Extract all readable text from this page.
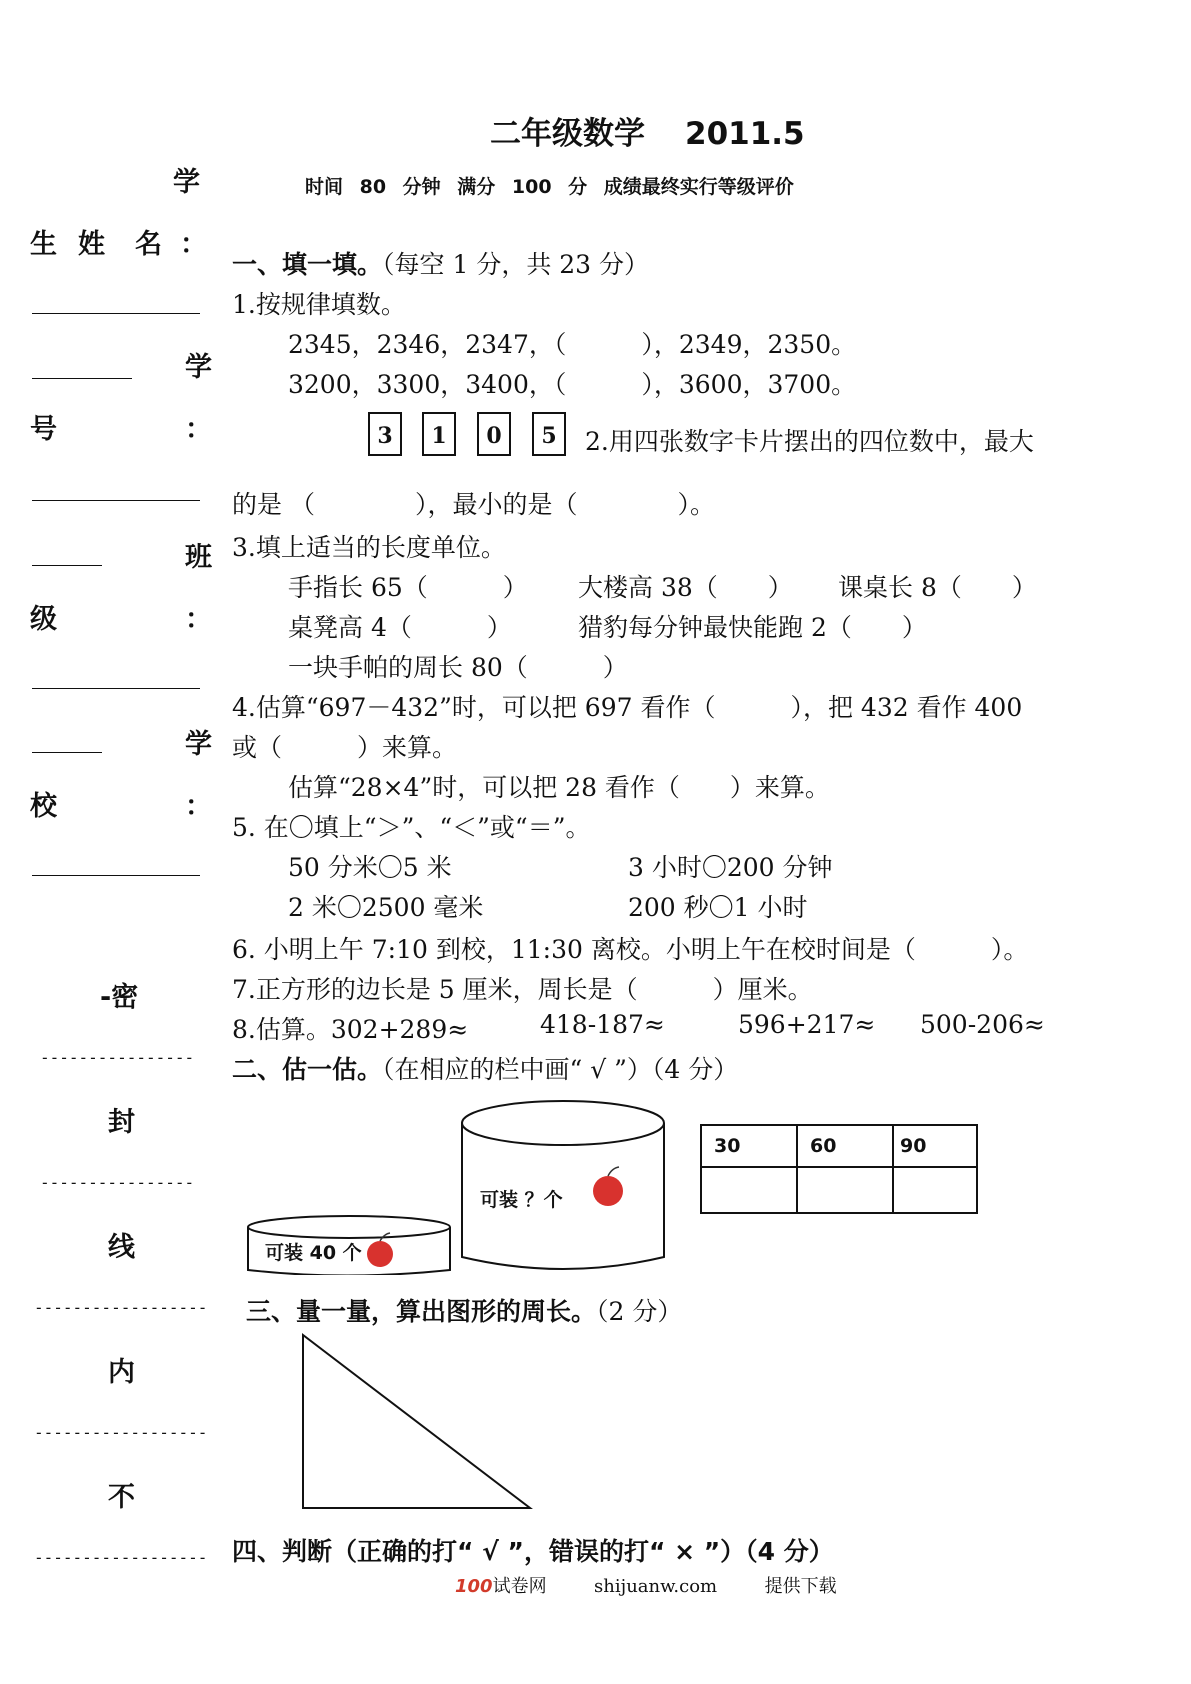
二年级数学 2011.5
时间 80 分钟 满分 100 分 成绩最终实行等级评价
学
生 姓 名 ：
学
号	：
班
级	：
学
校	：
-密
----------------
封
----------------
线
------------------
内
------------------
不
------------------
一、填一填。（每空 1 分，共 23 分）
1.按规律填数。
2345，2346，2347，（　　　），2349，2350。
3200，3300，3400，（　　　），3600，3700。
3	1	0	5	2.用四张数字卡片摆出的四位数中，最大
的是 （　　　　），最小的是（　　　　）。
3.填上适当的长度单位。
手指长 65（　　　） 大楼高 38（　　） 课桌长 8（　　）
桌凳高 4（　　　）	猎豹每分钟最快能跑 2（　　）
一块手帕的周长 80（　　　）
4.估算“697－432”时，可以把 697 看作（　　　），把 432 看作 400
或（　　　）来算。
估算“28×4”时，可以把 28 看作（　　）来算。
5. 在〇填上“＞”、“＜”或“＝”。
50 分米〇5 米	3 小时〇200 分钟
2 米〇2500 毫米	200 秒〇1 小时
6. 小明上午 7:10 到校，11:30 离校。小明上午在校时间是（　　　）。
7.正方形的边长是 5 厘米，周长是（　　　）厘米。
8.估算。302+289≈	418-187≈	596+217≈ 500-206≈
二、估一估。（在相应的栏中画“ √ ”）（4 分）
可装 40 个
可装 ？个
30	60	90

三、量一量，算出图形的周长。（2 分）
四、判断（正确的打“ √ ”，错误的打“ × ”）（4 分）
100试卷网	shijuanw.com	提供下载
